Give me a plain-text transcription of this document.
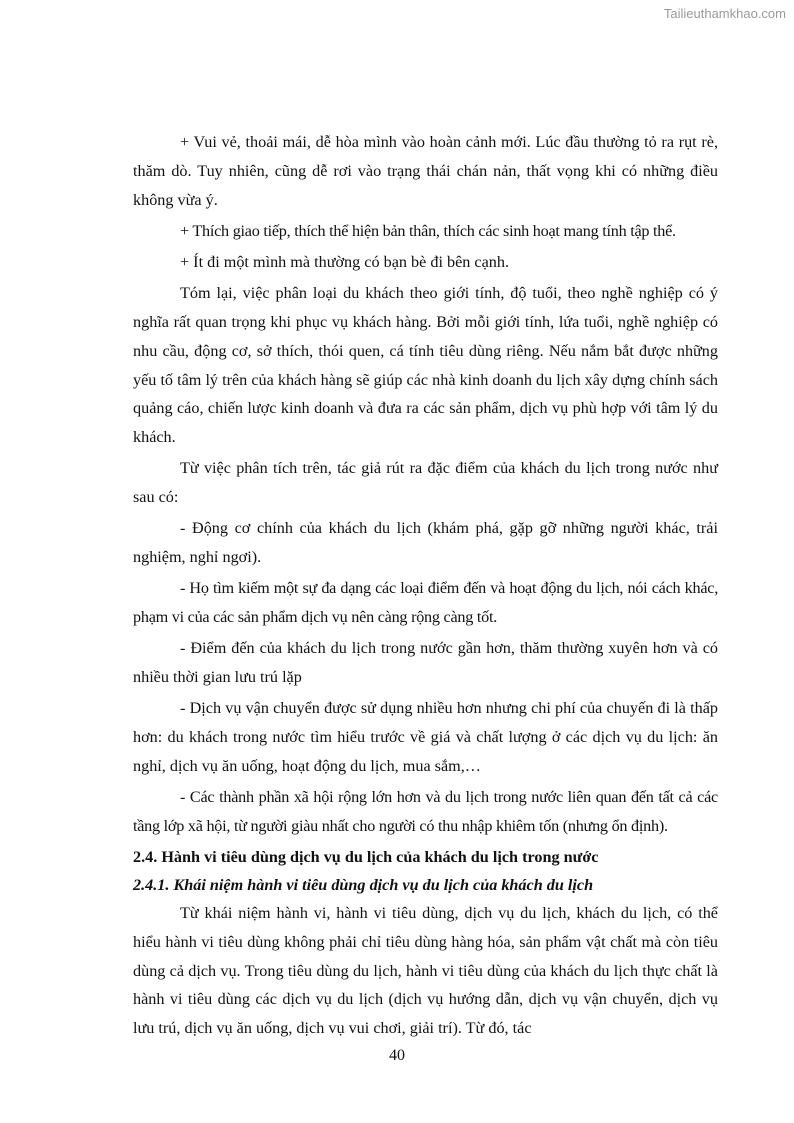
Tailieuthamkhao.com

+ Vui vẻ, thoải mái, dễ hòa mình vào hoàn cảnh mới. Lúc đầu thường tỏ ra rụt rè, thăm dò. Tuy nhiên, cũng dễ rơi vào trạng thái chán nản, thất vọng khi có những điều không vừa ý.

+ Thích giao tiếp, thích thể hiện bản thân, thích các sinh hoạt mang tính tập thể.

+ Ít đi một mình mà thường có bạn bè đi bên cạnh.

Tóm lại, việc phân loại du khách theo giới tính, độ tuổi, theo nghề nghiệp có ý nghĩa rất quan trọng khi phục vụ khách hàng. Bởi mỗi giới tính, lứa tuổi, nghề nghiệp có nhu cầu, động cơ, sở thích, thói quen, cá tính tiêu dùng riêng. Nếu nắm bắt được những yếu tố tâm lý trên của khách hàng sẽ giúp các nhà kinh doanh du lịch xây dựng chính sách quảng cáo, chiến lược kinh doanh và đưa ra các sản phẩm, dịch vụ phù hợp với tâm lý du khách.

Từ việc phân tích trên, tác giả rút ra đặc điểm của khách du lịch trong nước như sau có:

- Động cơ chính của khách du lịch (khám phá, gặp gỡ những người khác, trải nghiệm, nghỉ ngơi).

- Họ tìm kiếm một sự đa dạng các loại điểm đến và hoạt động du lịch, nói cách khác, phạm vi của các sản phẩm dịch vụ nên càng rộng càng tốt.

- Điểm đến của khách du lịch trong nước gần hơn, thăm thường xuyên hơn và có nhiều thời gian lưu trú lặp

- Dịch vụ vận chuyển được sử dụng nhiều hơn nhưng chi phí của chuyến đi là thấp hơn: du khách trong nước tìm hiểu trước về giá và chất lượng ở các dịch vụ du lịch: ăn nghỉ, dịch vụ ăn uống, hoạt động du lịch, mua sắm,…

- Các thành phần xã hội rộng lớn hơn và du lịch trong nước liên quan đến tất cả các tầng lớp xã hội, từ người giàu nhất cho người có thu nhập khiêm tốn (nhưng ổn định).

2.4. Hành vi tiêu dùng dịch vụ du lịch của khách du lịch trong nước

2.4.1. Khái niệm hành vi tiêu dùng dịch vụ du lịch của khách du lịch

Từ khái niệm hành vi, hành vi tiêu dùng, dịch vụ du lịch, khách du lịch, có thể hiểu hành vi tiêu dùng không phải chỉ tiêu dùng hàng hóa, sản phẩm vật chất mà còn tiêu dùng cả dịch vụ. Trong tiêu dùng du lịch, hành vi tiêu dùng của khách du lịch thực chất là hành vi tiêu dùng các dịch vụ du lịch (dịch vụ hướng dẫn, dịch vụ vận chuyển, dịch vụ lưu trú, dịch vụ ăn uống, dịch vụ vui chơi, giải trí). Từ đó, tác

40
